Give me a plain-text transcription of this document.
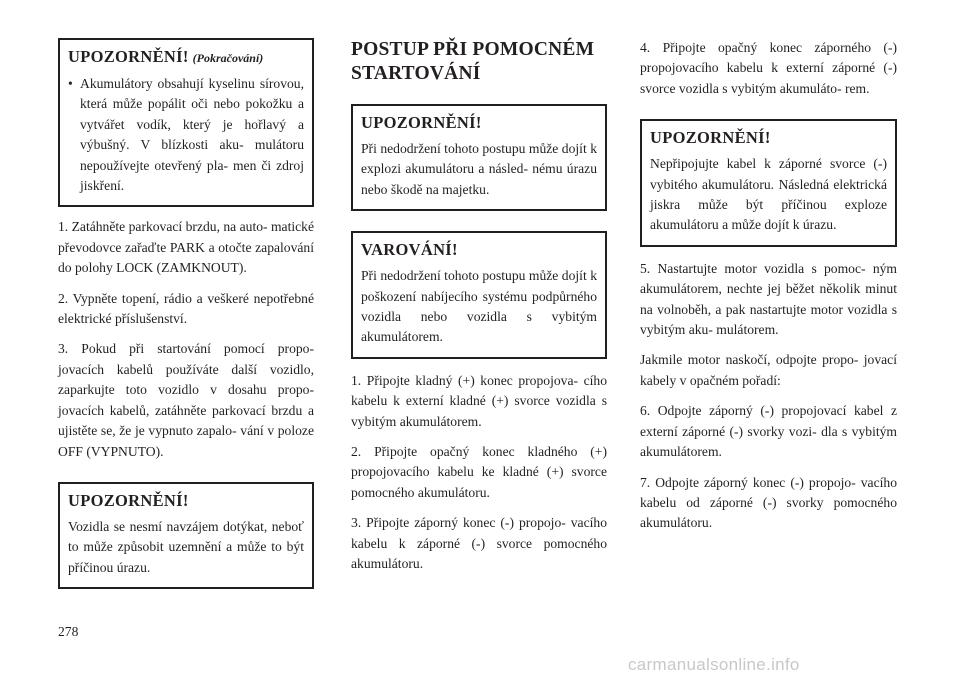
UPOZORNĚNÍ! (Pokračování)
• Akumulátory obsahují kyselinu sírovou, která může popálit oči nebo pokožku a vytvářet vodík, který je hořlavý a výbušný. V blízkosti aku- mulátoru nepoužívejte otevřený pla- men či zdroj jiskření.

1. Zatáhněte parkovací brzdu, na auto- matické převodovce zařaďte PARK a otočte zapalování do polohy LOCK (ZAMKNOUT).

2. Vypněte topení, rádio a veškeré nepotřebné elektrické příslušenství.

3. Pokud při startování pomocí propo- jovacích kabelů používáte další vozidlo, zaparkujte toto vozidlo v dosahu propo- jovacích kabelů, zatáhněte parkovací brzdu a ujistěte se, že je vypnuto zapalo- vání v poloze OFF (VYPNUTO).

UPOZORNĚNÍ!

Vozidla se nesmí navzájem dotýkat, neboť to může způsobit uzemnění a může to být příčinou úrazu.

POSTUP PŘI POMOCNÉM STARTOVÁNÍ
UPOZORNĚNÍ!

Při nedodržení tohoto postupu může dojít k explozi akumulátoru a násled- nému úrazu nebo škodě na majetku.

VAROVÁNÍ!

Při nedodržení tohoto postupu může dojít k poškození nabíjecího systému podpůrného vozidla nebo vozidla s vybitým akumulátorem.

1. Připojte kladný (+) konec propojova- cího kabelu k externí kladné (+) svorce vozidla s vybitým akumulátorem.

2. Připojte opačný konec kladného (+) propojovacího kabelu ke kladné (+) svorce pomocného akumulátoru.

3. Připojte záporný konec (-) propojo- vacího kabelu k záporné (-) svorce pomocného akumulátoru.

4. Připojte opačný konec záporného (-) propojovacího kabelu k externí záporné (-) svorce vozidla s vybitým akumuláto- rem.

UPOZORNĚNÍ!

Nepřipojujte kabel k záporné svorce (-) vybitého akumulátoru. Následná elektrická jiskra může být příčinou exploze akumulátoru a může dojít k úrazu.

5. Nastartujte motor vozidla s pomoc- ným akumulátorem, nechte jej běžet několik minut na volnoběh, a pak nastartujte motor vozidla s vybitým aku- mulátorem.

Jakmile motor naskočí, odpojte propo- jovací kabely v opačném pořadí:

6. Odpojte záporný (-) propojovací kabel z externí záporné (-) svorky vozi- dla s vybitým akumulátorem.

7. Odpojte záporný konec (-) propojo- vacího kabelu od záporné (-) svorky pomocného akumulátoru.

278
carmanualsonline.info
